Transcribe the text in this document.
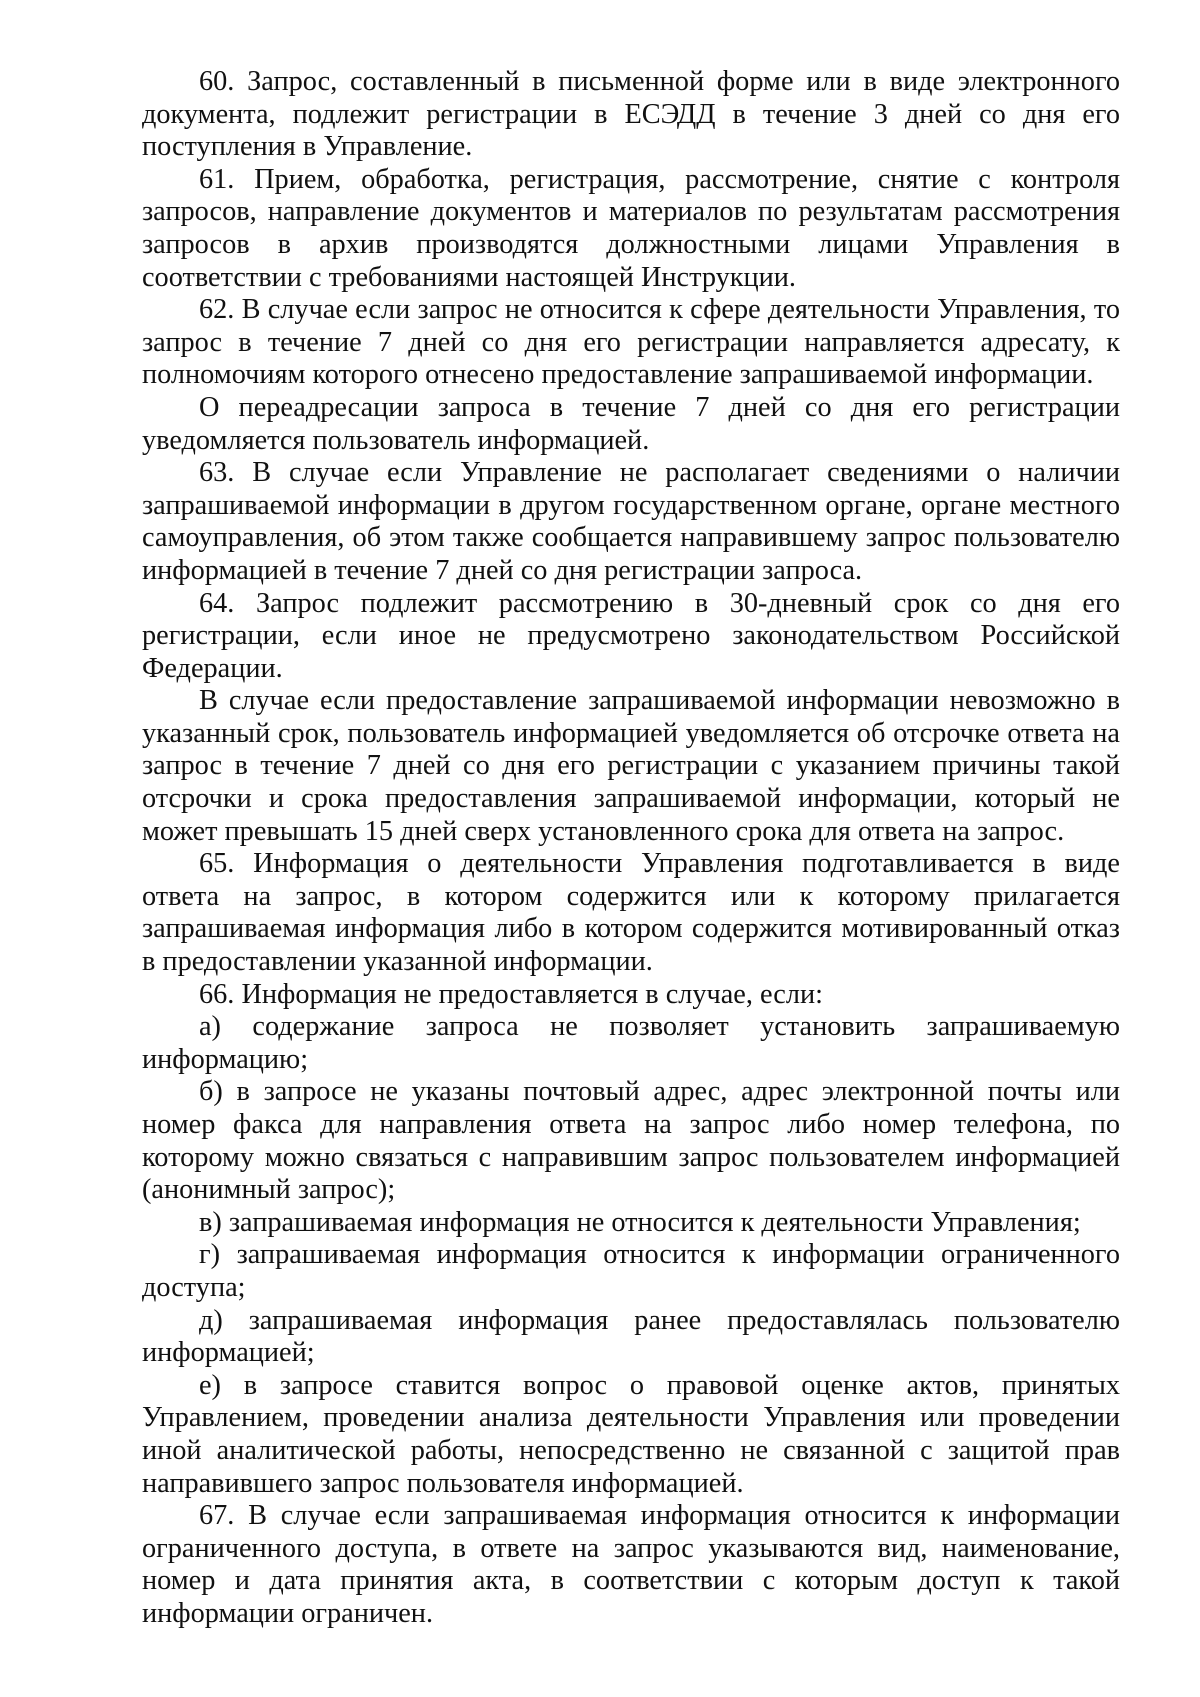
60. Запрос, составленный в письменной форме или в виде электронного документа, подлежит регистрации в ЕСЭДД в течение 3 дней со дня его поступления в Управление.

61. Прием, обработка, регистрация, рассмотрение, снятие с контроля запросов, направление документов и материалов по результатам рассмотрения запросов в архив производятся должностными лицами Управления в соответствии с требованиями настоящей Инструкции.

62. В случае если запрос не относится к сфере деятельности Управления, то запрос в течение 7 дней со дня его регистрации направляется адресату, к полномочиям которого отнесено предоставление запрашиваемой информации.

О переадресации запроса в течение 7 дней со дня его регистрации уведомляется пользователь информацией.

63. В случае если Управление не располагает сведениями о наличии запрашиваемой информации в другом государственном органе, органе местного самоуправления, об этом также сообщается направившему запрос пользователю информацией в течение 7 дней со дня регистрации запроса.

64. Запрос подлежит рассмотрению в 30-дневный срок со дня его регистрации, если иное не предусмотрено законодательством Российской Федерации.

В случае если предоставление запрашиваемой информации невозможно в указанный срок, пользователь информацией уведомляется об отсрочке ответа на запрос в течение 7 дней со дня его регистрации с указанием причины такой отсрочки и срока предоставления запрашиваемой информации, который не может превышать 15 дней сверх установленного срока для ответа на запрос.

65. Информация о деятельности Управления подготавливается в виде ответа на запрос, в котором содержится или к которому прилагается запрашиваемая информация либо в котором содержится мотивированный отказ в предоставлении указанной информации.

66. Информация не предоставляется в случае, если:

а) содержание запроса не позволяет установить запрашиваемую информацию;

б) в запросе не указаны почтовый адрес, адрес электронной почты или номер факса для направления ответа на запрос либо номер телефона, по которому можно связаться с направившим запрос пользователем информацией (анонимный запрос);

в) запрашиваемая информация не относится к деятельности Управления;

г) запрашиваемая информация относится к информации ограниченного доступа;

д) запрашиваемая информация ранее предоставлялась пользователю информацией;

е) в запросе ставится вопрос о правовой оценке актов, принятых Управлением, проведении анализа деятельности Управления или проведении иной аналитической работы, непосредственно не связанной с защитой прав направившего запрос пользователя информацией.

67. В случае если запрашиваемая информация относится к информации ограниченного доступа, в ответе на запрос указываются вид, наименование, номер и дата принятия акта, в соответствии с которым доступ к такой информации ограничен.
